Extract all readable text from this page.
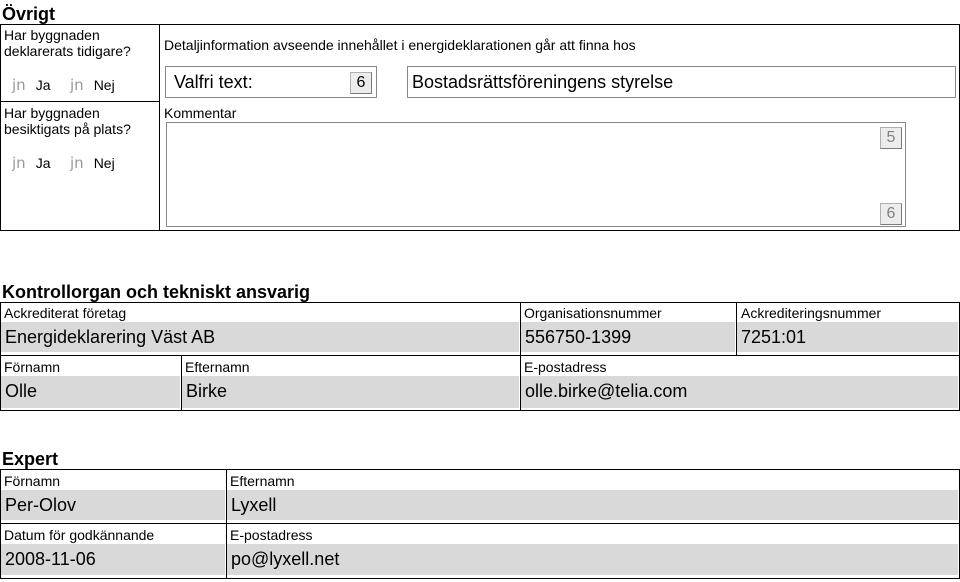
Övrigt
Har byggnaden deklarerats tidigare?
jn Ja jn Nej
Har byggnaden besiktigats på plats?
jn Ja jn Nej
Detaljinformation avseende innehållet i energideklarationen går att finna hos
Valfri text:	6	Bostadsrättsföreningens styrelse
Kommentar
5
6
Kontrollorgan och tekniskt ansvarig
Ackrediterat företag
Energideklarering Väst AB
Organisationsnummer
556750-1399
Ackrediteringsnummer
7251:01
Förnamn
Olle
Efternamn
Birke
E-postadress
olle.birke@telia.com
Expert
Förnamn
Per-Olov
Efternamn
Lyxell
Datum för godkännande
2008-11-06
E-postadress
po@lyxell.net
